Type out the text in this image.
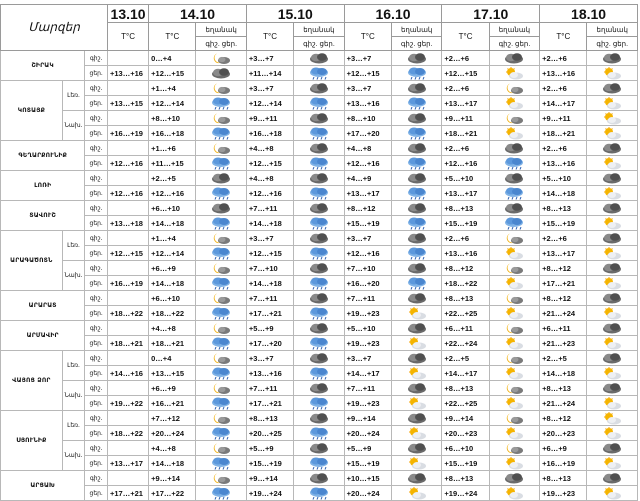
Մարզեր			13.10	14.10		15.10		16.10		17.10		18.10	
			T°C	T°C	եղանակ	T°C	եղանակ	T°C	եղանակ	T°C	եղանակ	T°C	եղանակ
					գիշ. ցեր.		գիշ. ցեր.		գիշ. ցեր.		գիշ. ցեր.		գիշ. ցեր.
ՇԻՐԱԿ		գիշ.		0…+4		+3…+7		+3…+7		+2…+6		+2…+6	

		ցեր.	+13…+16	+12…+15		+11…+14		+12…+15		+12…+15		+13…+16	

ԿՈՏԱՅՔ	Լեռ.	գիշ.		+1…+4		+3…+7		+3…+7		+2…+6		+2…+6	

		ցեր.	+13…+15	+12…+14		+12…+14		+13…+16		+13…+17		+14…+17	

	Նախ.	գիշ.		+8…+10		+9…+11		+8…+10		+9…+11		+9…+11	

		ցեր.	+16…+19	+16…+18		+16…+18		+17…+20		+18…+21		+18…+21	

ԳԵՂԱՐՔՈՒՆԻՔ		գիշ.		+1…+6		+4…+8		+4…+8		+2…+6		+2…+6	

		ցեր.	+12…+16	+11…+15		+12…+15		+12…+16		+12…+16		+13…+16	

ԼՈՌԻ		գիշ.		+2…+5		+4…+8		+4…+9		+5…+10		+5…+10	

		ցեր.	+12…+16	+12…+16		+12…+16		+13…+17		+13…+17		+14…+18	

ՏԱՎՈՒՇ		գիշ.		+6…+10		+7…+11		+8…+12		+8…+13		+8…+13	

		ցեր.	+13…+18	+14…+18		+14…+18		+15…+19		+15…+19		+15…+19	

ԱՐԱԳԱԾՈՏՆ	Լեռ.	գիշ.		+1…+4		+3…+7		+3…+7		+2…+6		+2…+6	

		ցեր.	+12…+15	+12…+14		+12…+15		+12…+16		+13…+16		+13…+17	

	Նախ.	գիշ.		+6…+9		+7…+10		+7…+10		+8…+12		+8…+12	

		ցեր.	+16…+19	+14…+18		+14…+18		+16…+20		+18…+22		+17…+21	

ԱՐԱՐԱՏ		գիշ.		+6…+10		+7…+11		+7…+11		+8…+13		+8…+12	

		ցեր.	+18…+22	+18…+22		+17…+21		+19…+23		+22…+25		+21…+24	

ԱՐՄԱՎԻՐ		գիշ.		+4…+8		+5…+9		+5…+10		+6…+11		+6…+11	

		ցեր.	+18…+21	+18…+21		+17…+20		+19…+23		+22…+24		+21…+23	

ՎԱՅՈՑ ՁՈՐ	Լեռ.	գիշ.		0…+4		+3…+7		+3…+7		+2…+5		+2…+5	

		ցեր.	+14…+16	+13…+15		+13…+16		+14…+17		+14…+17		+14…+18	

	Նախ.	գիշ.		+6…+9		+7…+11		+7…+11		+8…+13		+8…+13	

		ցեր.	+19…+22	+16…+21		+17…+21		+19…+23		+22…+25		+21…+24	

ՍՅՈՒՆԻՔ	Լեռ.	գիշ.		+7…+12		+8…+13		+9…+14		+9…+14		+8…+12	

		ցեր.	+18…+22	+20…+24		+20…+25		+20…+24		+20…+23		+20…+23	

	Նախ.	գիշ.		+4…+8		+5…+9		+5…+9		+6…+10		+6…+9	

		ցեր.	+13…+17	+14…+18		+15…+19		+15…+19		+15…+19		+16…+19	

ԱՐՑԱԽ		գիշ.		+9…+14		+9…+14		+10…+15		+8…+13		+8…+13	

		ցեր.	+17…+21	+17…+22		+19…+24		+20…+24		+19…+24		+19…+23	
